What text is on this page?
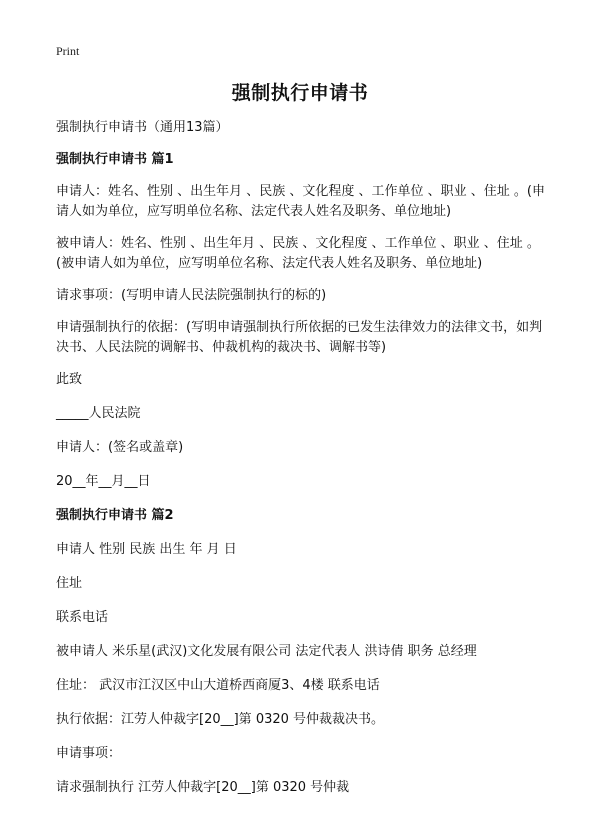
Print
强制执行申请书

强制执行申请书（通用13篇）

强制执行申请书 篇1

申请人：姓名、性别 、出生年月 、民族 、文化程度 、工作单位 、职业 、住址 。(申请人如为单位，应写明单位名称、法定代表人姓名及职务、单位地址)

被申请人：姓名、性别 、出生年月 、民族 、文化程度 、工作单位 、职业 、住址 。(被申请人如为单位，应写明单位名称、法定代表人姓名及职务、单位地址)

请求事项：(写明申请人民法院强制执行的标的)

申请强制执行的依据：(写明申请强制执行所依据的已发生法律效力的法律文书，如判决书、人民法院的调解书、仲裁机构的裁决书、调解书等)

此致

_____人民法院

申请人：(签名或盖章)

20__年__月__日

强制执行申请书 篇2

申请人 性别 民族 出生 年 月 日

住址

联系电话

被申请人 米乐星(武汉)文化发展有限公司 法定代表人 洪诗倩 职务 总经理

住址： 武汉市江汉区中山大道桥西商厦3、4楼 联系电话

执行依据：江劳人仲裁字[20__]第 0320 号仲裁裁决书。

申请事项：

请求强制执行 江劳人仲裁字[20__]第 0320 号仲裁
